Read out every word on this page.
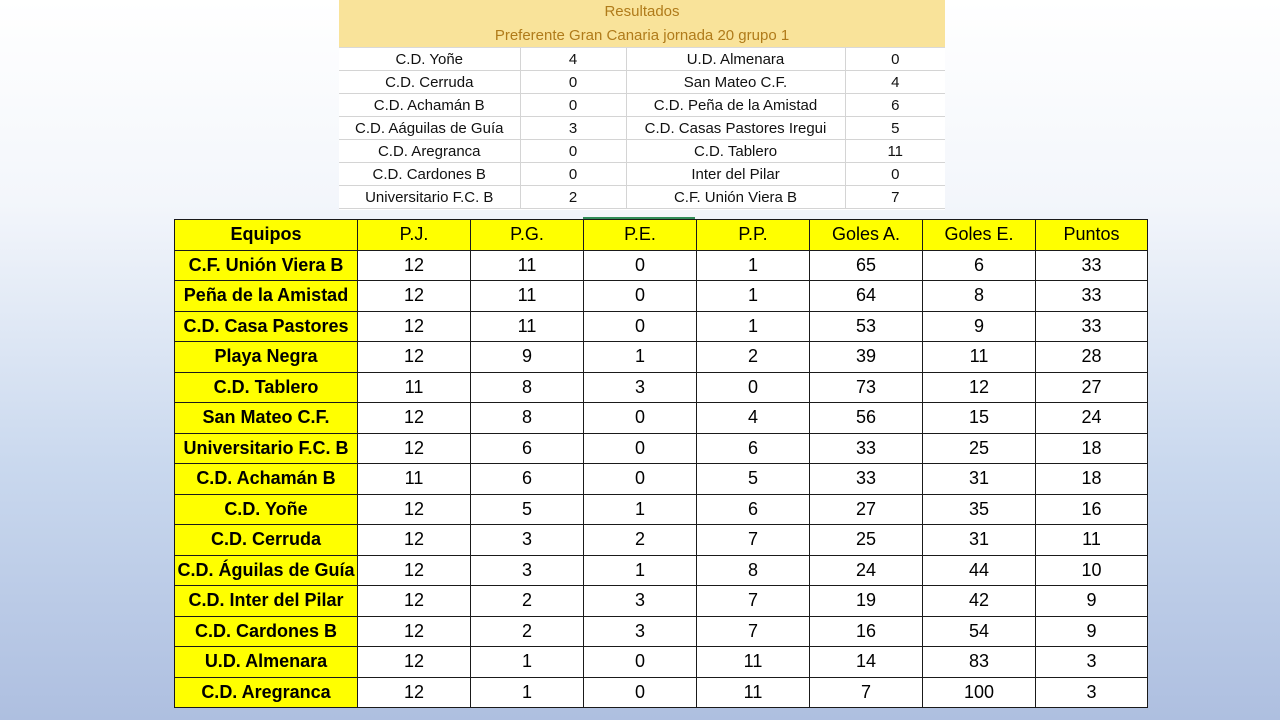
Resultados
Preferente Gran Canaria jornada 20 grupo 1
C.D. Yoñe	4	U.D. Almenara	0
C.D. Cerruda	0	San Mateo C.F.	4
C.D. Achamán B	0	C.D. Peña de la Amistad	6
C.D. Aáguilas de Guía	3	C.D. Casas Pastores Iregui	5
C.D. Aregranca	0	C.D. Tablero	11
C.D. Cardones B	0	Inter del Pilar	0
Universitario F.C. B	2	C.F. Unión Viera B	7
Equipos	P.J.	P.G.	P.E.	P.P.	Goles A.	Goles E.	Puntos
C.F. Unión Viera B	12	11	0	1	65	6	33
Peña de la Amistad	12	11	0	1	64	8	33
C.D. Casa Pastores	12	11	0	1	53	9	33
Playa Negra	12	9	1	2	39	11	28
C.D. Tablero	11	8	3	0	73	12	27
San Mateo C.F.	12	8	0	4	56	15	24
Universitario F.C. B	12	6	0	6	33	25	18
C.D. Achamán B	11	6	0	5	33	31	18
C.D. Yoñe	12	5	1	6	27	35	16
C.D. Cerruda	12	3	2	7	25	31	11
C.D. Águilas de Guía	12	3	1	8	24	44	10
C.D. Inter del Pilar	12	2	3	7	19	42	9
C.D. Cardones B	12	2	3	7	16	54	9
U.D. Almenara	12	1	0	11	14	83	3
C.D. Aregranca	12	1	0	11	7	100	3
